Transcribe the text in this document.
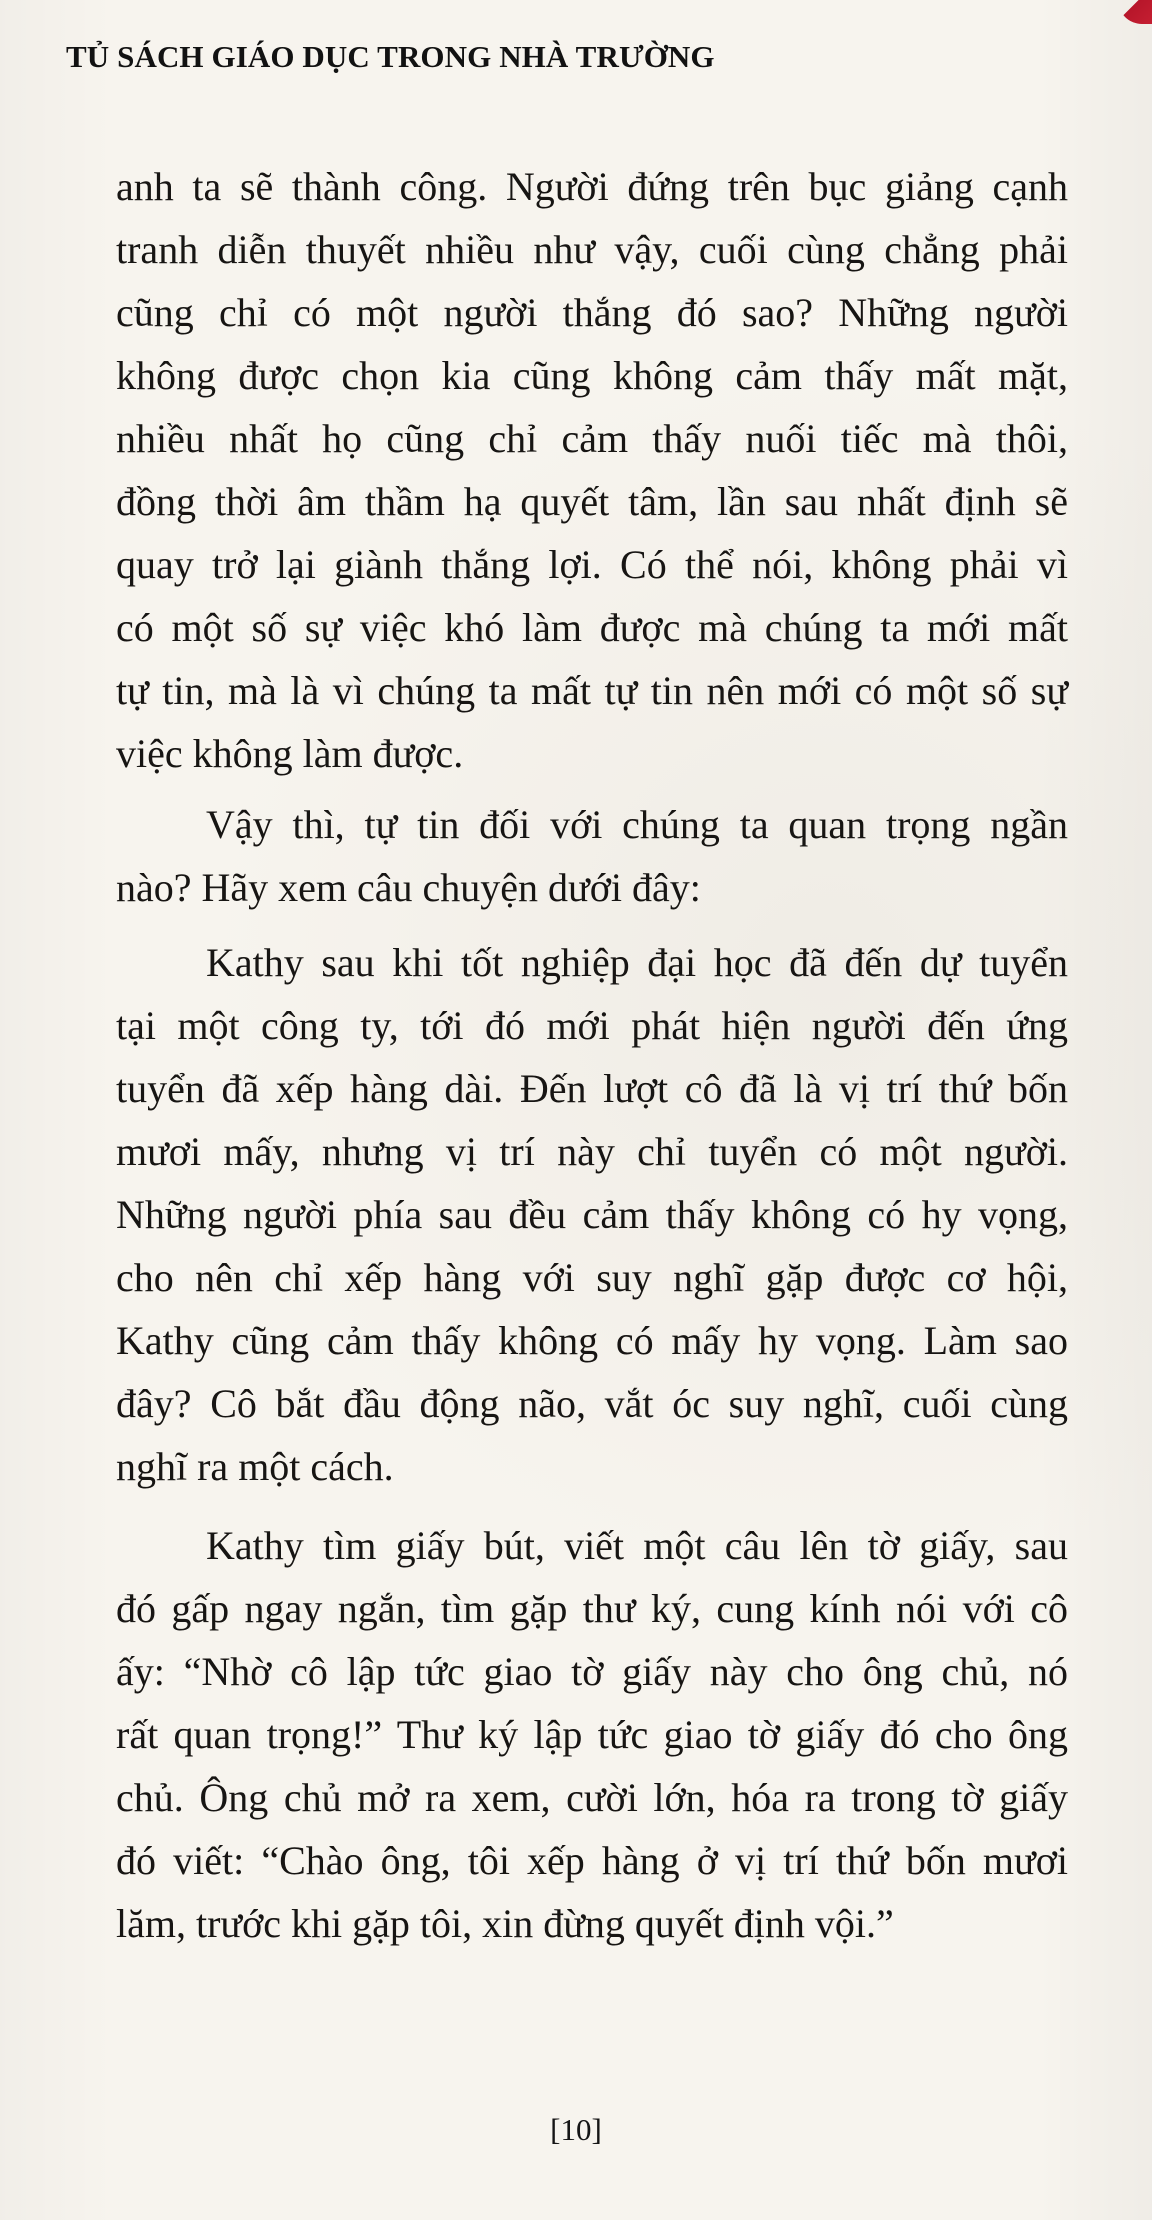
TỦ SÁCH GIÁO DỤC TRONG NHÀ TRƯỜNG
anh ta sẽ thành công. Người đứng trên bục giảng cạnh
tranh diễn thuyết nhiều như vậy, cuối cùng chẳng phải
cũng chỉ có một người thắng đó sao? Những người
không được chọn kia cũng không cảm thấy mất mặt,
nhiều nhất họ cũng chỉ cảm thấy nuối tiếc mà thôi,
đồng thời âm thầm hạ quyết tâm, lần sau nhất định sẽ
quay trở lại giành thắng lợi. Có thể nói, không phải vì
có một số sự việc khó làm được mà chúng ta mới mất
tự tin, mà là vì chúng ta mất tự tin nên mới có một số sự
việc không làm được.
Vậy thì, tự tin đối với chúng ta quan trọng ngần
nào? Hãy xem câu chuyện dưới đây:
Kathy sau khi tốt nghiệp đại học đã đến dự tuyển
tại một công ty, tới đó mới phát hiện người đến ứng
tuyển đã xếp hàng dài. Đến lượt cô đã là vị trí thứ bốn
mươi mấy, nhưng vị trí này chỉ tuyển có một người.
Những người phía sau đều cảm thấy không có hy vọng,
cho nên chỉ xếp hàng với suy nghĩ gặp được cơ hội,
Kathy cũng cảm thấy không có mấy hy vọng. Làm sao
đây? Cô bắt đầu động não, vắt óc suy nghĩ, cuối cùng
nghĩ ra một cách.
Kathy tìm giấy bút, viết một câu lên tờ giấy, sau
đó gấp ngay ngắn, tìm gặp thư ký, cung kính nói với cô
ấy: “Nhờ cô lập tức giao tờ giấy này cho ông chủ, nó
rất quan trọng!” Thư ký lập tức giao tờ giấy đó cho ông
chủ. Ông chủ mở ra xem, cười lớn, hóa ra trong tờ giấy
đó viết: “Chào ông, tôi xếp hàng ở vị trí thứ bốn mươi
lăm, trước khi gặp tôi, xin đừng quyết định vội.”
[10]
